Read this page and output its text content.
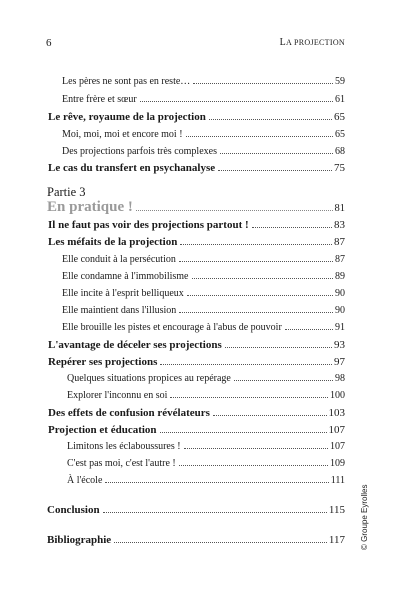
6	LA PROJECTION
Les pères ne sont pas en reste…	59
Entre frère et sœur	61
Le rêve, royaume de la projection	65
Moi, moi, moi et encore moi !	65
Des projections parfois très complexes	68
Le cas du transfert en psychanalyse	75
Partie 3
En pratique !	81
Il ne faut pas voir des projections partout !	83
Les méfaits de la projection	87
Elle conduit à la persécution	87
Elle condamne à l'immobilisme	89
Elle incite à l'esprit belliqueux	90
Elle maintient dans l'illusion	90
Elle brouille les pistes et encourage à l'abus de pouvoir	91
L'avantage de déceler ses projections	93
Repérer ses projections	97
Quelques situations propices au repérage	98
Explorer l'inconnu en soi	100
Des effets de confusion révélateurs	103
Projection et éducation	107
Limitons les éclaboussures !	107
C'est pas moi, c'est l'autre !	109
À l'école	111
Conclusion	115
Bibliographie	117 © Groupe Eyrolles
